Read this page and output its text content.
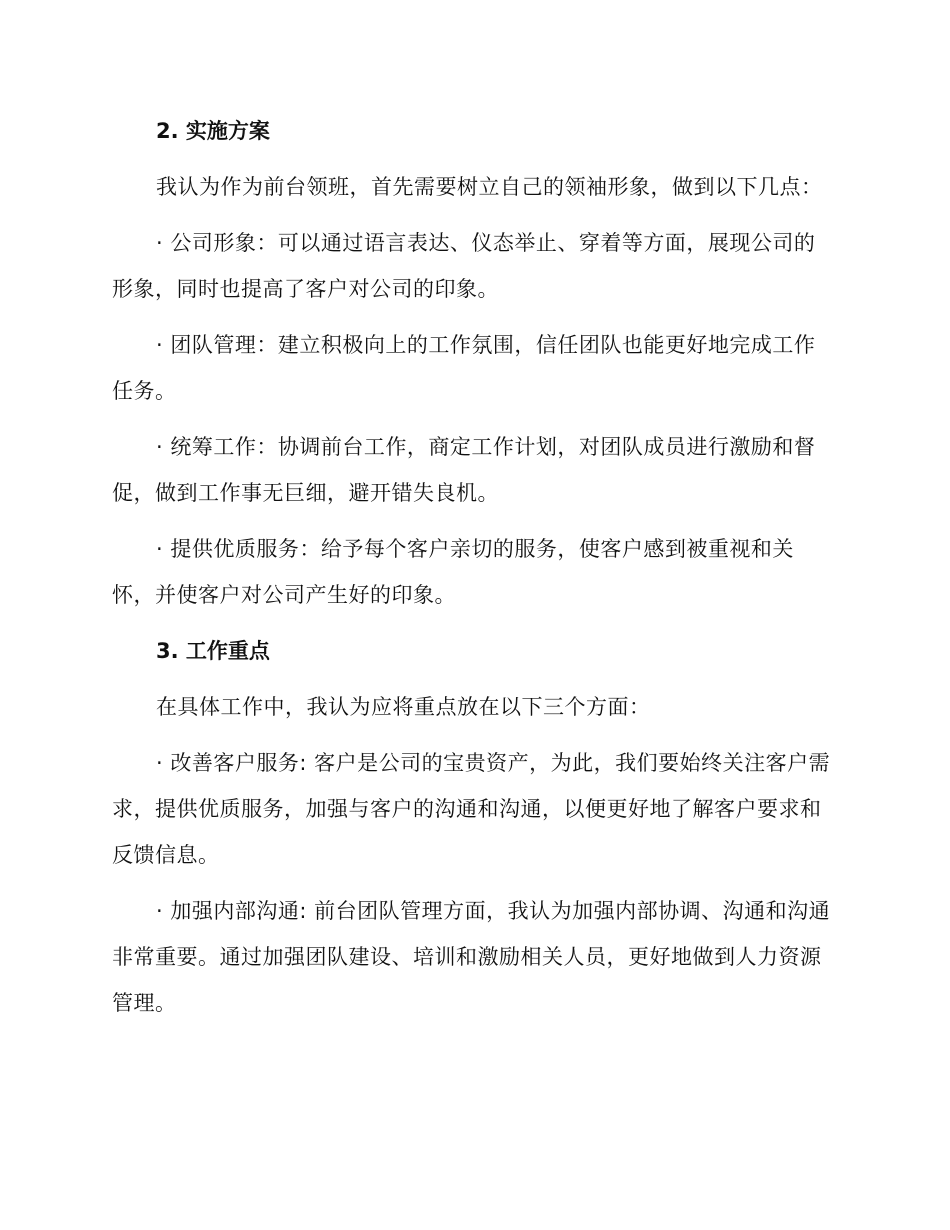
2. 实施方案

我认为作为前台领班，首先需要树立自己的领袖形象，做到以下几点：

· 公司形象：可以通过语言表达、仪态举止、穿着等方面，展现公司的形象，同时也提高了客户对公司的印象。

· 团队管理：建立积极向上的工作氛围，信任团队也能更好地完成工作任务。

· 统筹工作：协调前台工作，商定工作计划，对团队成员进行激励和督促，做到工作事无巨细，避开错失良机。

· 提供优质服务：给予每个客户亲切的服务，使客户感到被重视和关怀，并使客户对公司产生好的印象。

3. 工作重点

在具体工作中，我认为应将重点放在以下三个方面：

· 改善客户服务: 客户是公司的宝贵资产，为此，我们要始终关注客户需求，提供优质服务，加强与客户的沟通和沟通，以便更好地了解客户要求和反馈信息。

· 加强内部沟通: 前台团队管理方面，我认为加强内部协调、沟通和沟通非常重要。通过加强团队建设、培训和激励相关人员，更好地做到人力资源管理。
